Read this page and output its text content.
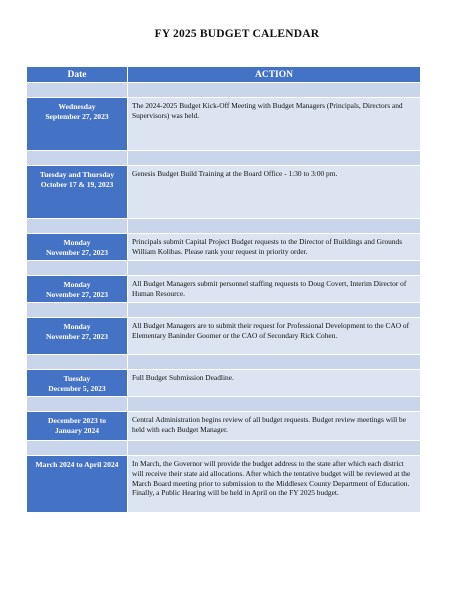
FY 2025 BUDGET CALENDAR
Date	ACTION

Wednesday
September 27, 2023	The 2024-2025 Budget Kick-Off Meeting with Budget Managers (Principals, Directors and Supervisors) was held.

Tuesday and Thursday
October 17 & 19, 2023	Genesis Budget Build Training at the Board Office - 1:30 to 3:00 pm.

Monday
November 27, 2023	Principals submit Capital Project Budget requests to the Director of Buildings and Grounds William Kolibas. Please rank your request in priority order.

Monday
November 27, 2023	All Budget Managers submit personnel staffing requests to Doug Covert, Interim Director of Human Resource.

Monday
November 27, 2023	All Budget Managers are to submit their request for Professional Development to the CAO of Elementary Baninder Goomer or the CAO of Secondary Rick Cohen.

Tuesday
December 5, 2023	Full Budget Submission Deadline.

December 2023 to
January 2024	Central Administration begins review of all budget requests. Budget review meetings will be held with each Budget Manager.

March 2024 to April 2024	In March, the Governor will provide the budget address to the state after which each district will receive their state aid allocations. After which the tentative budget will be reviewed at the March Board meeting prior to submission to the Middlesex County Department of Education. Finally, a Public Hearing will be held in April on the FY 2025 budget.
